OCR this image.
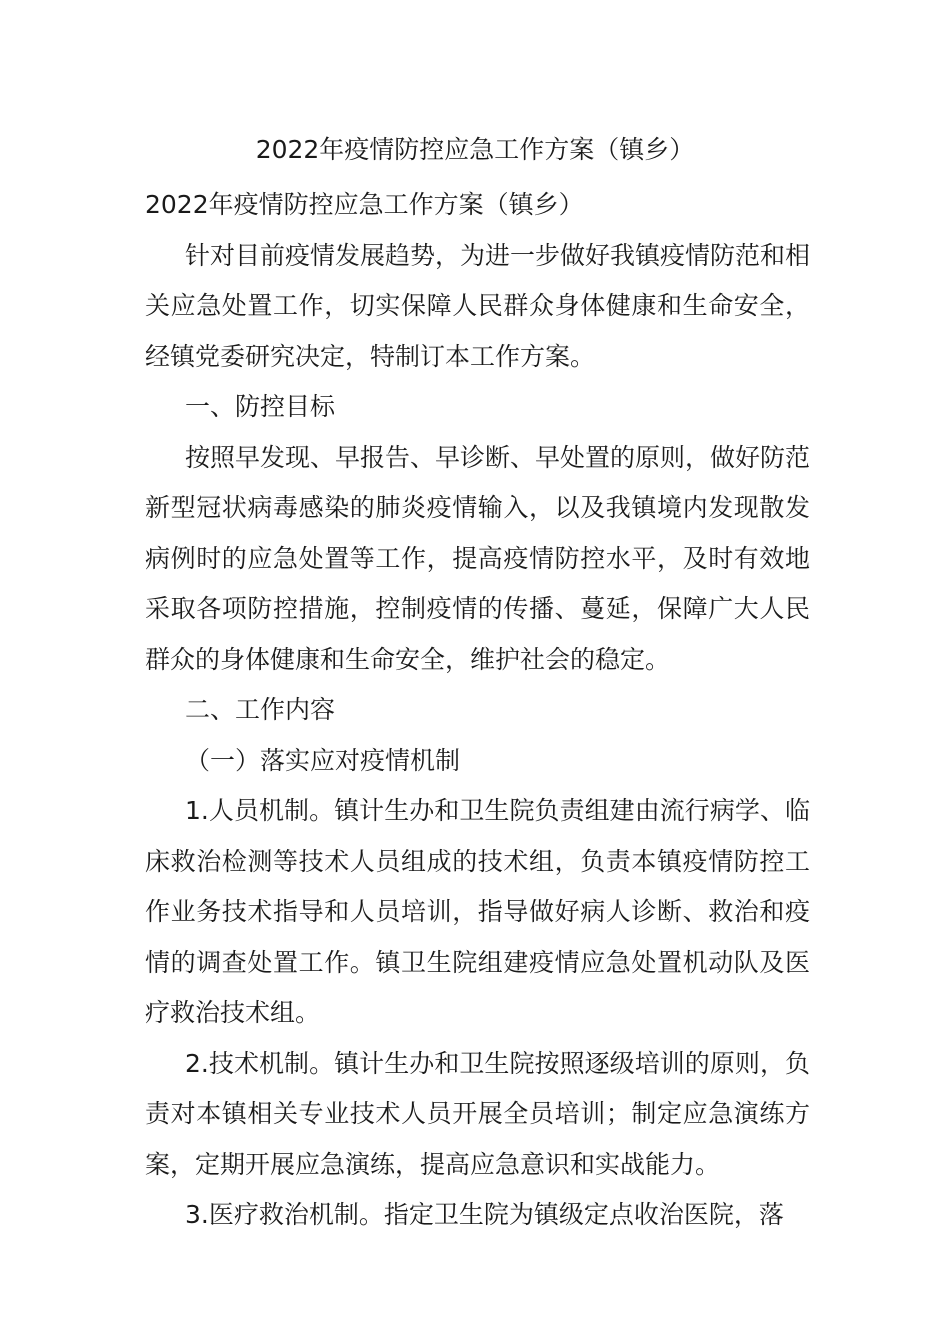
2022年疫情防控应急工作方案（镇乡）

2022年疫情防控应急工作方案（镇乡）

针对目前疫情发展趋势，为进一步做好我镇疫情防范和相关应急处置工作，切实保障人民群众身体健康和生命安全，经镇党委研究决定，特制订本工作方案。

一、防控目标

按照早发现、早报告、早诊断、早处置的原则，做好防范新型冠状病毒感染的肺炎疫情输入，以及我镇境内发现散发病例时的应急处置等工作，提高疫情防控水平，及时有效地采取各项防控措施，控制疫情的传播、蔓延，保障广大人民群众的身体健康和生命安全，维护社会的稳定。

二、工作内容

（一）落实应对疫情机制

1.人员机制。镇计生办和卫生院负责组建由流行病学、临床救治检测等技术人员组成的技术组，负责本镇疫情防控工作业务技术指导和人员培训，指导做好病人诊断、救治和疫情的调查处置工作。镇卫生院组建疫情应急处置机动队及医疗救治技术组。

2.技术机制。镇计生办和卫生院按照逐级培训的原则，负责对本镇相关专业技术人员开展全员培训；制定应急演练方案，定期开展应急演练，提高应急意识和实战能力。

3.医疗救治机制。指定卫生院为镇级定点收治医院，落
